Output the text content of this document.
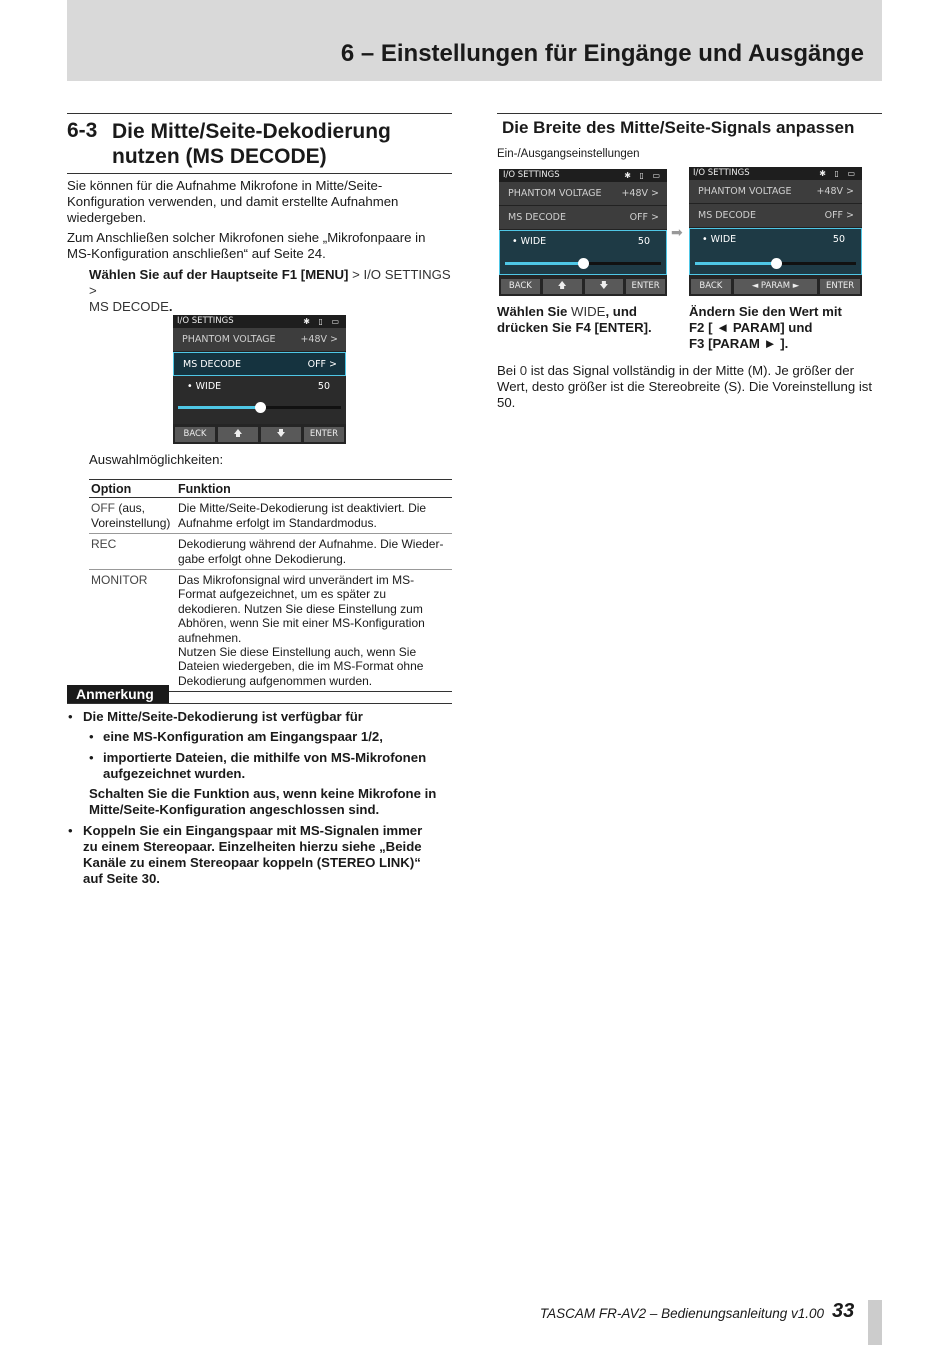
6 – Einstellungen für Eingänge und Ausgänge
6-3 Die Mitte/Seite-Dekodierung nutzen (MS DECODE)
Sie können für die Aufnahme Mikrofone in Mitte/Seite-Konfiguration verwenden, und damit erstellte Aufnahmen wiedergeben.
Zum Anschließen solcher Mikrofonen siehe „Mikrofonpaare in MS-Konfiguration anschließen“ auf Seite 24.
Wählen Sie auf der Hauptseite F1 [MENU] > I/O SETTINGS >
MS DECODE.
I/O SETTINGS	✱ ▯ ▭
PHANTOM VOLTAGE	+48V >
MS DECODE	OFF >
• WIDE	50
BACK	🡅	🡇	ENTER
Auswahlmöglichkeiten:
Option	Funktion
OFF (aus, Voreinstellung)	Die Mitte/Seite-Dekodierung ist deaktiviert. Die Aufnahme erfolgt im Standardmodus.
REC	Dekodierung während der Aufnahme. Die Wieder-gabe erfolgt ohne Dekodierung.
MONITOR	Das Mikrofonsignal wird unverändert im MS-Format aufgezeichnet, um es später zu dekodieren. Nutzen Sie diese Einstellung zum Abhören, wenn Sie mit einer MS-Konfiguration aufnehmen.
Nutzen Sie diese Einstellung auch, wenn Sie Dateien wiedergeben, die im MS-Format ohne Dekodierung aufgenommen wurden.
Anmerkung
• Die Mitte/Seite-Dekodierung ist verfügbar für
• eine MS-Konfiguration am Eingangspaar 1/2,
• importierte Dateien, die mithilfe von MS-Mikrofonen aufgezeichnet wurden.
Schalten Sie die Funktion aus, wenn keine Mikrofone in Mitte/Seite-Konfiguration angeschlossen sind.
• Koppeln Sie ein Eingangspaar mit MS-Signalen immer zu einem Stereopaar. Einzelheiten hierzu siehe „Beide Kanäle zu einem Stereopaar koppeln (STEREO LINK)“ auf Seite 30.
Die Breite des Mitte/Seite-Signals anpassen
Ein-/Ausgangseinstellungen
I/O SETTINGS	✱ ▯ ▭
PHANTOM VOLTAGE +48V >
MS DECODE	OFF >
• WIDE	50
BACK	🡅	🡇	ENTER
➡
I/O SETTINGS	✱ ▯ ▭
PHANTOM VOLTAGE	+48V >
MS DECODE	OFF >
• WIDE	50
BACK	◄ PARAM ►	ENTER
Wählen Sie WIDE, und drücken Sie F4 [ENTER].
Ändern Sie den Wert mit F2 [ ◄ PARAM] und
F3 [PARAM ► ].
Bei 0 ist das Signal vollständig in der Mitte (M). Je größer der Wert, desto größer ist die Stereobreite (S). Die Voreinstellung ist 50.
TASCAM FR-AV2 – Bedienungsanleitung v1.00 33
